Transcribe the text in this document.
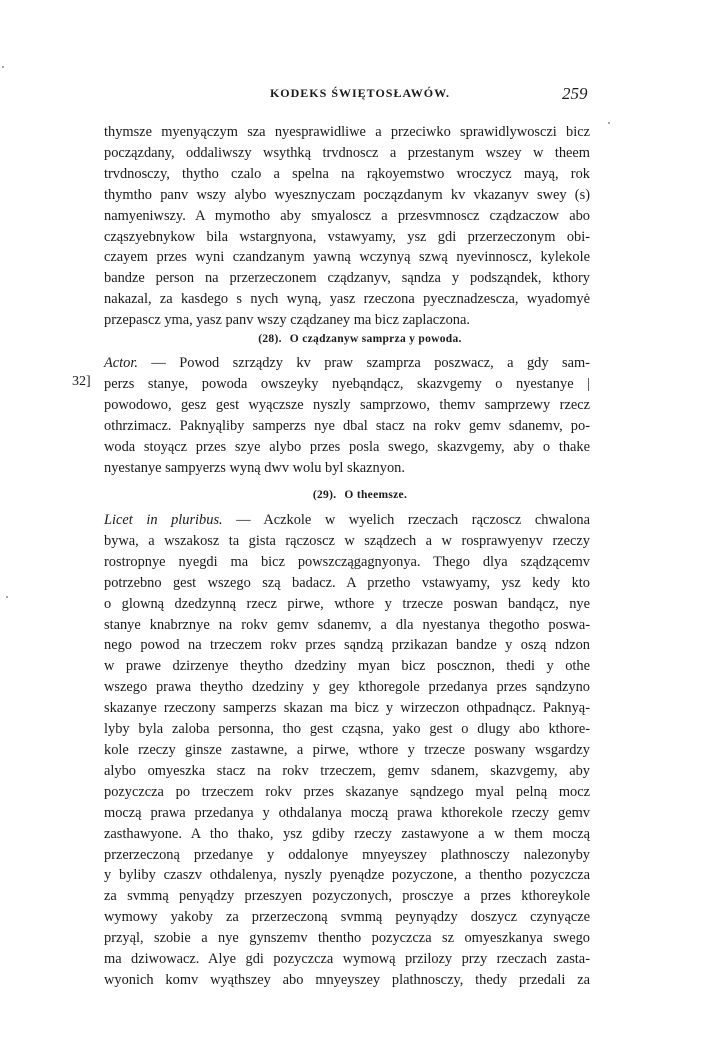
KODEKS ŚWIĘTOSŁAWÓW.	259

thymsze myenyączym sza nyesprawidliwe a przeciwko sprawidlywosczi bicz

począzdany, oddaliwszy wsythką trvdnoscz a przestanym wszey w theem

trvdnosczy, thytho czalo a spelna na rąkoyemstwo wroczycz mayą, rok

thymtho panv wszy alybo wyesznyczam począzdanym kv vkazanyv swey (s)

namyeniwszy. A mymotho aby smyaloscz a przesvmnoscz cządzaczow abo

cząszyebnykow bila wstargnyona, vstawyamy, ysz gdi przerzeczonym obi-

czayem przes wyni czandzanym yawną wczynyą szwą nyevinnoscz, kylekole

bandze person na przerzeczonem cządzanyv, sąndza y podsząndek, kthory

nakazal, za kasdego s nych wyną, yasz rzeczona pyecznadzescza, wyadomyė

przepascz yma, yasz panv wszy cządzaney ma bicz zaplaczona.

(28). O cządzanyw samprza y powoda.
32]

Actor. — Powod szrządzy kv praw szamprza poszwacz, a gdy sam-

perzs stanye, powoda owszeyky nyebąndącz, skazvgemy o nyestanye |

powodowo, gesz gest wyączsze nyszly samprzowo, themv samprzewy rzecz

othrzimacz. Paknyąliby samperzs nye dbal stacz na rokv gemv sdanemv, po-

woda stoyącz przes szye alybo przes posla swego, skazvgemy, aby o thake

nyestanye sampyerzs wyną dwv wolu byl skaznyon.

(29). O theemsze.

Licet in pluribus. — Aczkole w wyelich rzeczach rączoscz chwalona

bywa, a wszakosz ta gista rączoscz w sządzech a w rosprawyenyv rzeczy

rostropnye nyegdi ma bicz powszczągagnyonya. Thego dlya sządzącemv

potrzebno gest wszego szą badacz. A przetho vstawyamy, ysz kedy kto

o glowną dzedzynną rzecz pirwe, wthore y trzecze poswan bandącz, nye

stanye knabrznye na rokv gemv sdanemv, a dla nyestanya thegotho poswa-

nego powod na trzeczem rokv przes sąndzą przikazan bandze y oszą ndzon

w prawe dzirzenye theytho dzedziny myan bicz poscznon, thedi y othe

wszego prawa theytho dzedziny y gey kthoregole przedanya przes sąndzyno

skazanye rzeczony samperzs skazan ma bicz y wirzeczon othpadnącz. Paknyą-

lyby byla zaloba personna, tho gest cząsna, yako gest o dlugy abo kthore-

kole rzeczy ginsze zastawne, a pirwe, wthore y trzecze poswany wsgardzy

alybo omyeszka stacz na rokv trzeczem, gemv sdanem, skazvgemy, aby

pozyczcza po trzeczem rokv przes skazanye sąndzego myal pelną mocz

moczą prawa przedanya y othdalanya moczą prawa kthorekole rzeczy gemv

zasthawyone. A tho thako, ysz gdiby rzeczy zastawyone a w them moczą

przerzeczoną przedanye y oddalonye mnyeyszey plathnosczy nalezonyby

y byliby czaszv othdalenya, nyszly pyenądze pozyczone, a thentho pozyczcza

za svmmą penyądzy przeszyen pozyczonych, prosczye a przes kthoreykole

wymowy yakoby za przerzeczoną svmmą peynyądzy doszycz czynyącze

przyąl, szobie a nye gynszemv thentho pozyczcza sz omyeszkanya swego

ma dziwowacz. Alye gdi pozyczcza wymową przilozy przy rzeczach zasta-

wyonich komv wyąthszey abo mnyeyszey plathnosczy, thedy przedali za
